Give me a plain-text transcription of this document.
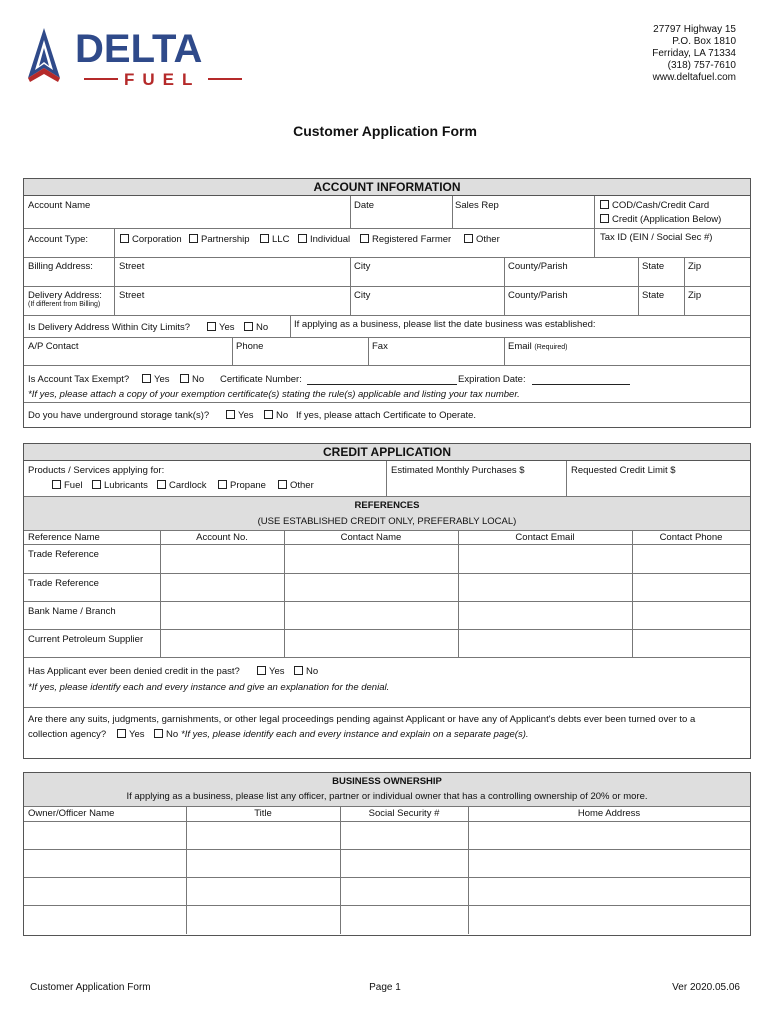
DELTA
FUEL
27797 Highway 15
P.O. Box 1810
Ferriday, LA 71334
(318) 757-7610
www.deltafuel.com
Customer Application Form
ACCOUNT INFORMATION
Account Name	Date	Sales Rep	COD/Cash/Credit Card
Credit (Application Below)
Account Type:	Corporation	Partnership	LLC	Individual	Registered Farmer	Other	Tax ID (EIN / Social Sec #)
Billing Address:	Street	City	County/Parish	State	Zip
Delivery Address:
(If different from Billing)
Street	City	County/Parish	State	Zip
Is Delivery Address Within City Limits?	Yes	No	If applying as a business, please list the date business was established:
A/P Contact	Phone	Fax	Email (Required)
Is Account Tax Exempt?	Yes	No Certificate Number:	Expiration Date:
*If yes, please attach a copy of your exemption certificate(s) stating the rule(s) applicable and listing your tax number.
Do you have underground storage tank(s)?	Yes	No If yes, please attach Certificate to Operate.
CREDIT APPLICATION
Products / Services applying for:
Fuel	Lubricants	Cardlock	Propane	Other
Estimated Monthly Purchases $	Requested Credit Limit $
REFERENCES
(USE ESTABLISHED CREDIT ONLY, PREFERABLY LOCAL)
Reference Name	Account No.	Contact Name	Contact Email	Contact Phone
Trade Reference
Trade Reference
Bank Name / Branch
Current Petroleum Supplier
Has Applicant ever been denied credit in the past?	Yes	No
*If yes, please identify each and every instance and give an explanation for the denial.
Are there any suits, judgments, garnishments, or other legal proceedings pending against Applicant or have any of Applicant's debts ever been turned over to a
collection agency?	Yes	No *If yes, please identify each and every instance and explain on a separate page(s).
BUSINESS OWNERSHIP
If applying as a business, please list any officer, partner or individual owner that has a controlling ownership of 20% or more.
Owner/Officer Name	Title	Social Security #	Home Address
Customer Application Form	Page 1	Ver 2020.05.06
